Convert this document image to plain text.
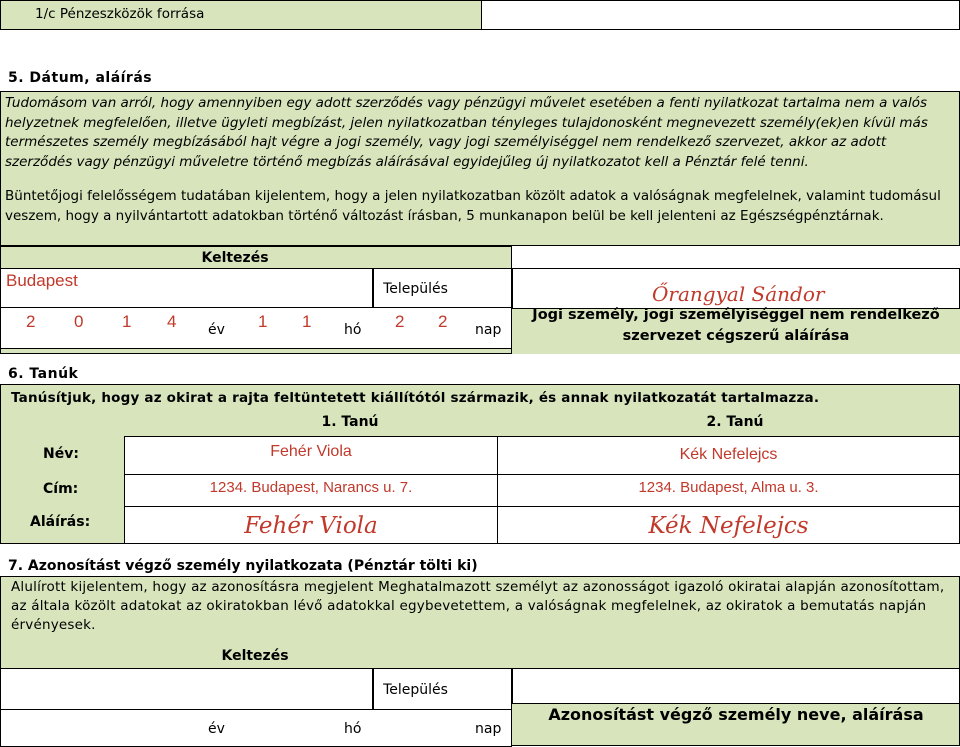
1/c Pénzeszközök forrása
5. Dátum, aláírás
Tudomásom van arról, hogy amennyiben egy adott szerződés vagy pénzügyi művelet esetében a fenti nyilatkozat tartalma nem a valós helyzetnek megfelelően, illetve ügyleti megbízást, jelen nyilatkozatban tényleges tulajdonosként megnevezett személy(ek)en kívül más természetes személy megbízásából hajt végre a jogi személy, vagy jogi személyiséggel nem rendelkező szervezet, akkor az adott szerződés vagy pénzügyi műveletre történő megbízás aláírásával egyidejűleg új nyilatkozatot kell a Pénztár felé tenni.
Büntetőjogi felelősségem tudatában kijelentem, hogy a jelen nyilatkozatban közölt adatok a valóságnak megfelelnek, valamint tudomásul veszem, hogy a nyilvántartott adatokban történő változást írásban, 5 munkanapon belül be kell jelenteni az Egészségpénztárnak.
Keltezés
Budapest	Település
2 0 1 4 év 1 1 hó 2 2 nap
Őrangyal Sándor
Jogi személy, jogi személyiséggel nem rendelkező szervezet cégszerű aláírása
6. Tanúk
Tanúsítjuk, hogy az okirat a rajta feltüntetett kiállítótól származik, és annak nyilatkozatát tartalmazza.
1. Tanú	2. Tanú
Név:	Fehér Viola	Kék Nefelejcs
Cím:	1234. Budapest, Narancs u. 7.	1234. Budapest, Alma u. 3.
Aláírás:	Fehér Viola	Kék Nefelejcs
7. Azonosítást végző személy nyilatkozata (Pénztár tölti ki)
Alulírott kijelentem, hogy az azonosításra megjelent Meghatalmazott személyt az azonosságot igazoló okiratai alapján azonosítottam, az általa közölt adatokat az okiratokban lévő adatokkal egybevetettem, a valóságnak megfelelnek, az okiratok a bemutatás napján érvényesek.
Keltezés
Település
év	hó	nap
Azonosítást végző személy neve, aláírása
